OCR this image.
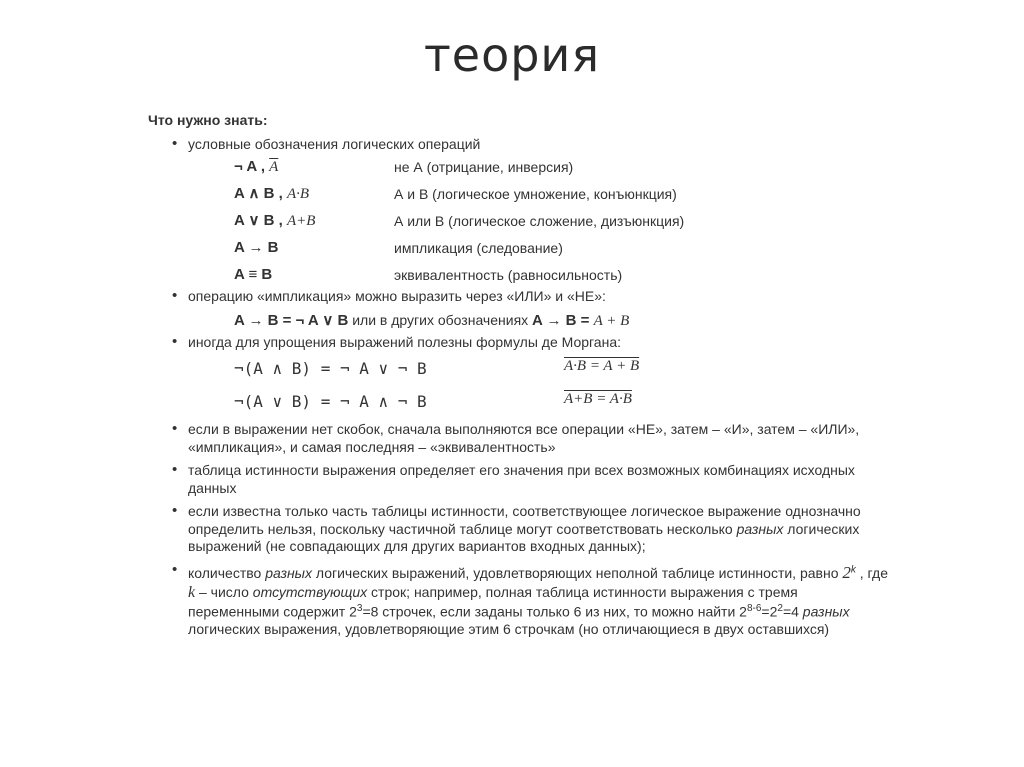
теория
Что нужно знать:
• условные обозначения логических операций
¬ A , $\overline{A}$	не А (отрицание, инверсия)
A ∧ B , A·B	А и В (логическое умножение, конъюнкция)
A ∨ B , A+B	А или В (логическое сложение, дизъюнкция)
A → B	импликация (следование)
A ≡ B	эквивалентность (равносильность)
• операцию «импликация» можно выразить через «ИЛИ» и «НЕ»:
A → B = ¬ A ∨ B или в других обозначениях A → B = A + B
• иногда для упрощения выражений полезны формулы де Моргана:
¬(A ∧ B) = ¬ A ∨ ¬ B	A·B = A + B
¬(A ∨ B) = ¬ A ∧ ¬ B	A+B = A·B
• если в выражении нет скобок, сначала выполняются все операции «НЕ», затем – «И», затем – «ИЛИ», «импликация», и самая последняя – «эквивалентность»
• таблица истинности выражения определяет его значения при всех возможных комбинациях исходных данных
• если известна только часть таблицы истинности, соответствующее логическое выражение однозначно определить нельзя, поскольку частичной таблице могут соответствовать несколько разных логических выражений (не совпадающих для других вариантов входных данных);
• количество разных логических выражений, удовлетворяющих неполной таблице истинности, равно 2$^k$ , где k – число отсутствующих строк; например, полная таблица истинности выражения с тремя переменными содержит $2^3=8$ строчек, если заданы только 6 из них, то можно найти $2^{8-6}=2^2=4$ разных логических выражения, удовлетворяющие этим 6 строчкам (но отличающиеся в двух оставшихся)
